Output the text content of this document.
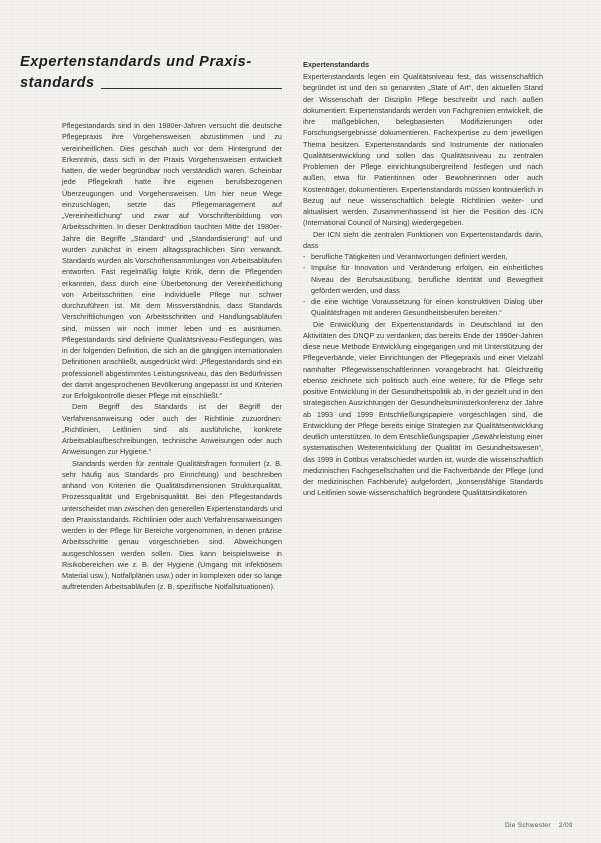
Expertenstandards und Praxis-
standards

Pflegestandards sind in den 1980er-Jahren versucht die deutsche Pflegepraxis ihre Vorgehensweisen abzustimmen und zu vereinheitlichen. Dies geschah auch vor dem Hintergrund der Erkenntnis, dass sich in der Praxis Vorgehensweisen entwickelt hatten, die weder begründbar noch verständlich waren. Scheinbar jede Pflegekraft hatte ihre eigenen berufsbezogenen Überzeugungen und Vorgehensweisen. Um hier neue Wege einzuschlagen, setzte das Pflegemanagement auf „Vereinheitlichung“ und zwar auf Vorschriftenbildung von Arbeitsschritten. In dieser Denktradition tauchten Mitte der 1980er-Jahre die Begriffe „Standard“ und „Standardisierung“ auf und wurden zunächst in einem alltagssprachlichen Sinn verwandt. Standards wurden als Vorschriftensammlungen von Arbeitsabläufen entworfen. Fast regelmäßig folgte Kritik, denn die Pflegenden erkannten, dass durch eine Überbetonung der Vereinheitlichung von Arbeitsschritten eine individuelle Pflege nur schwer durchzuführen ist. Mit dem Missverständnis, dass Standards Verschriftlichungen von Arbeitsschritten und Handlungsabläufen sind, müssen wir noch immer leben und es ausräumen. Pflegestandards sind definierte Qualitätsniveau-Festlegungen, was in der folgenden Definition, die sich an die gängigen internationalen Definitionen anschließt, ausgedrückt wird: „Pflegestandards sind ein professionell abgestimmtes Leistungsniveau, das den Bedürfnissen der damit angesprochenen Bevölkerung angepasst ist und Kriterien zur Erfolgskontrolle dieser Pflege mit einschließt.“

Dem Begriff des Standards ist der Begriff der Verfahrensanweisung oder auch der Richtlinie zuzuordnen: „Richtlinien, Leitlinien sind als ausführliche, konkrete Arbeitsablaufbeschreibungen, technische Anweisungen oder auch Anweisungen zur Hygiene.“

Standards werden für zentrale Qualitätsfragen formuliert (z. B. sehr häufig aus Standards pro Einrichtung) und beschreiben anhand von Kriterien die Qualitätsdimensionen Strukturqualität, Prozessqualität und Ergebnisqualität. Bei den Pflegestandards unterscheidet man zwischen den generellen Expertenstandards und den Praxisstandards. Richtlinien oder auch Verfahrensanweisungen werden in der Pflege für Bereiche vorgenommen, in denen präzise Arbeitsschritte genau vorgeschrieben sind. Abweichungen ausgeschlossen werden sollen. Dies kann beispielsweise in Risikobereichen wie z. B. der Hygiene (Umgang mit infektiösem Material usw.), Notfallplänen usw.) oder in komplexen oder so lange auftretenden Arbeitsabläufen (z. B. spezifische Notfallsituationen).

Expertenstandards

Expertenstandards legen ein Qualitätsniveau fest, das wissenschaftlich begründet ist und den so genannten „State of Art“, den aktuellen Stand der Wissenschaft der Disziplin Pflege beschreibt und nach außen dokumentiert. Expertenstandards werden von Fachgremien entwickelt, die ihre maßgeblichen, belegbasierten Modifizierungen oder Forschungsergebnisse dokumentieren. Fachexpertise zu dem jeweiligen Thema besitzen. Expertenstandards sind Instrumente der nationalen Qualitätsentwicklung und sollen das Qualitätsniveau zu zentralen Problemen der Pflege einrichtungsübergreifend festlegen und nach außen, etwa für Patientinnen oder Bewohnerinnen oder auch Kostenträger, dokumentieren. Expertenstandards müssen kontinuierlich in Bezug auf neue wissenschaftlich belegte Richtlinien weiter- und aktualisiert werden. Zusammenhassend ist hier die Position des ICN (International Council of Nursing) wiedergegeben.

Der ICN sieht die zentralen Funktionen von Expertenstandards darin, dass

- berufliche Tätigkeiten und Verantwortungen definiert werden,
- Impulse für Innovation und Veränderung erfolgen, ein einheitliches Niveau der Berufsausübung, berufliche Identität und Bewegtheit gefördert werden, und dass
- die eine wichtige Voraussetzung für einen konstruktiven Dialog über Qualitätsfragen mit anderen Gesundheitsberufen bereiten.“

Die Entwicklung der Expertenstandards in Deutschland ist den Aktivitäten des DNQP zu verdanken; das bereits Ende der 1990er-Jahren diese neue Methode Entwicklung eingegangen und mit Unterstützung der Pflegeverbände, vieler Einrichtungen der Pflegepraxis und einer Vielzahl namhafter Pflegewissenschaftlerinnen vorangebracht hat. Gleichzeitig ebenso zeichnete sich politisch auch eine weitere, für die Pflege sehr positive Entwicklung in der Gesundheitspolitik ab, in der gezielt und in den strategischen Ausrichtungen der Gesundheitsministerkonferenz der Jahre ab 1993 und 1999 Entschließungspapiere vorgeschlagen sind, die Entwicklung der Pflege bereits einige Strategien zur Qualitätsentwicklung deutlich unterstützen. In dem Entschließungspapier „Gewährleistung einer systematischen Weiterentwicklung der Qualität im Gesundheitswesen“, das 1999 in Cottbus verabschiedet wurden ist, wurde die wissenschaftlich medizinischen Fachgesellschaften und die Fachverbände der Pflege (und der medizinischen Fachberufe) aufgefordert, „konsensfähige Standards und Leitlinien sowie wissenschaftlich begründete Qualitätsindikatoren

Die Schwester 2/09
